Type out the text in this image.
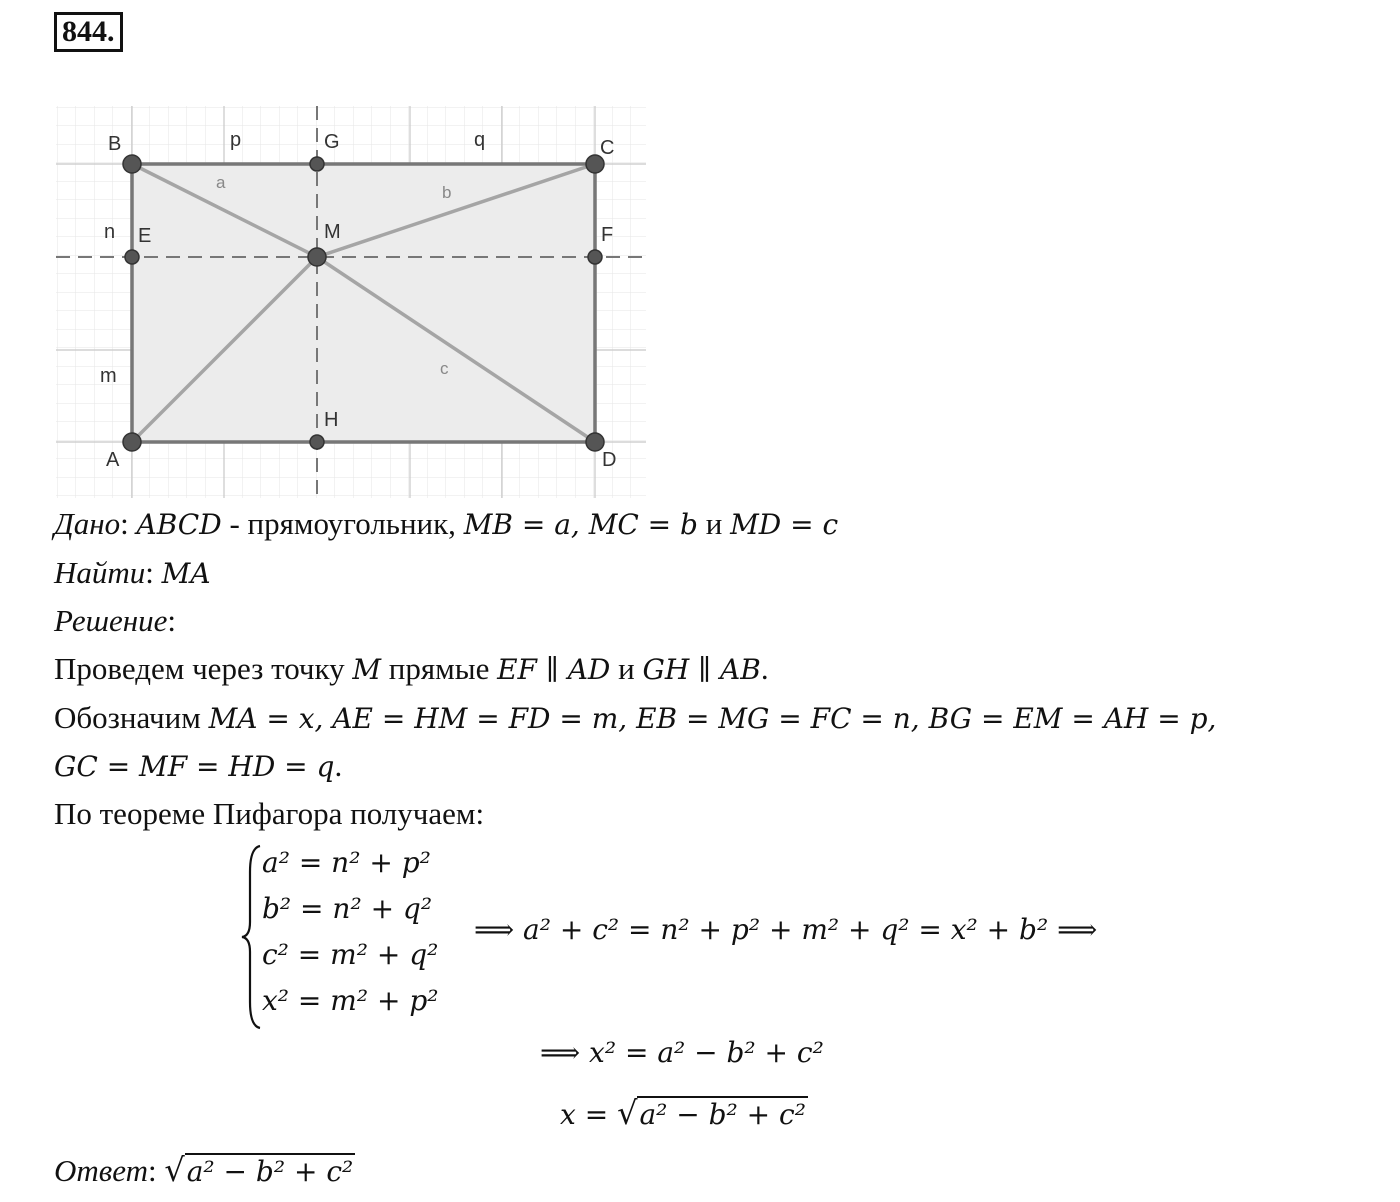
844.
B	G	C
E	M	F
H
A	D
p	q
n
m
a
b
c
Дано: ABCD - прямоугольник, MB = a, MC = b и MD = c
Найти: MA
Решение:
Проведем через точку M прямые EF ∥ AD и GH ∥ AB.
Обозначим MA = x, AE = HM = FD = m, EB = MG = FC = n, BG = EM = AH = p,
GC = MF = HD = q.
По теореме Пифагора получаем:
a² = n² + p²
b² = n² + q²
c² = m² + q²
x² = m² + p²
⟹ a² + c² = n² + p² + m² + q² = x² + b² ⟹
⟹ x² = a² − b² + c²
x = √a² − b² + c²
Ответ: √a² − b² + c²
